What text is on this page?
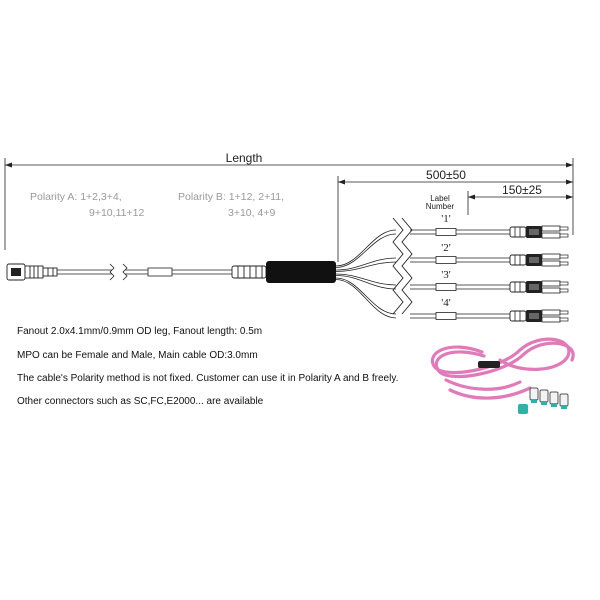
Length
500±50
150±25
Polarity A: 1+2,3+4,
9+10,11+12
Polarity B: 1+12, 2+11,
3+10, 4+9
Label
Number
'1'
'2'
'3'
'4'
Fanout 2.0x4.1mm/0.9mm OD leg, Fanout length: 0.5m
MPO can be Female and Male, Main cable OD:3.0mm
The cable's Polarity method is not fixed. Customer can use it in Polarity A and B freely.
Other connectors such as SC,FC,E2000... are available
